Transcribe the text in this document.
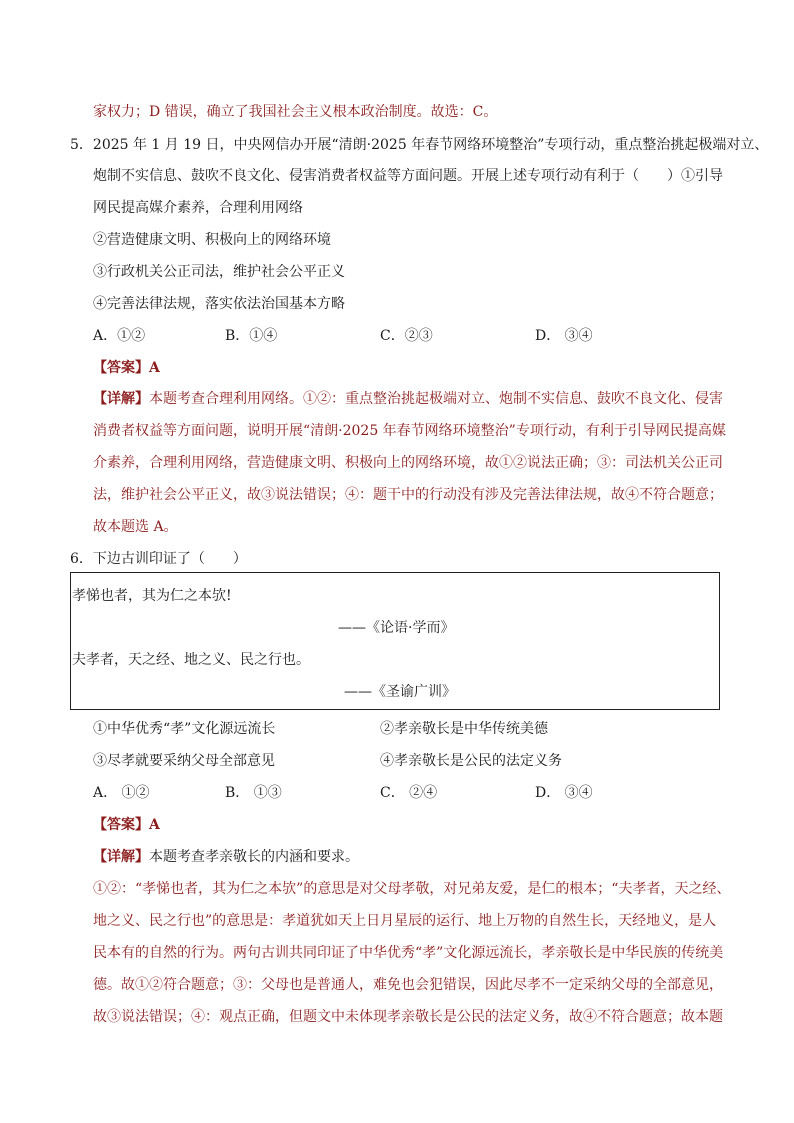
家权力；D 错误，确立了我国社会主义根本政治制度。故选：C。
5．2025 年 1 月 19 日，中央网信办开展“清朗·2025 年春节网络环境整治”专项行动，重点整治挑起极端对立、
炮制不实信息、鼓吹不良文化、侵害消费者权益等方面问题。开展上述专项行动有利于（　　）①引导
网民提高媒介素养，合理利用网络
②营造健康文明、积极向上的网络环境
③行政机关公正司法，维护社会公平正义
④完善法律法规，落实依法治国基本方略
A．①②	B．①④	C．②③	D． ③④
【答案】A
【详解】本题考查合理利用网络。①②：重点整治挑起极端对立、炮制不实信息、鼓吹不良文化、侵害
消费者权益等方面问题，说明开展“清朗·2025 年春节网络环境整治”专项行动，有利于引导网民提高媒
介素养，合理利用网络，营造健康文明、积极向上的网络环境，故①②说法正确；③：司法机关公正司
法，维护社会公平正义，故③说法错误；④：题干中的行动没有涉及完善法律法规，故④不符合题意；
故本题选 A。
6．下边古训印证了（　　）
孝悌也者，其为仁之本欤!
——《论语·学而》
夫孝者，天之经、地之义、民之行也。
——《圣谕广训》
①中华优秀“孝”文化源远流长	②孝亲敬长是中华传统美德
③尽孝就要采纳父母全部意见	④孝亲敬长是公民的法定义务
A． ①②	B． ①③	C． ②④	D． ③④
【答案】A
【详解】本题考查孝亲敬长的内涵和要求。
①②：“孝悌也者，其为仁之本欤”的意思是对父母孝敬，对兄弟友爱，是仁的根本；“夫孝者，天之经、
地之义、民之行也”的意思是：孝道犹如天上日月星辰的运行、地上万物的自然生长，天经地义，是人
民本有的自然的行为。两句古训共同印证了中华优秀“孝”文化源远流长，孝亲敬长是中华民族的传统美
德。故①②符合题意；③：父母也是普通人，难免也会犯错误，因此尽孝不一定采纳父母的全部意见，
故③说法错误；④：观点正确，但题文中未体现孝亲敬长是公民的法定义务，故④不符合题意；故本题
